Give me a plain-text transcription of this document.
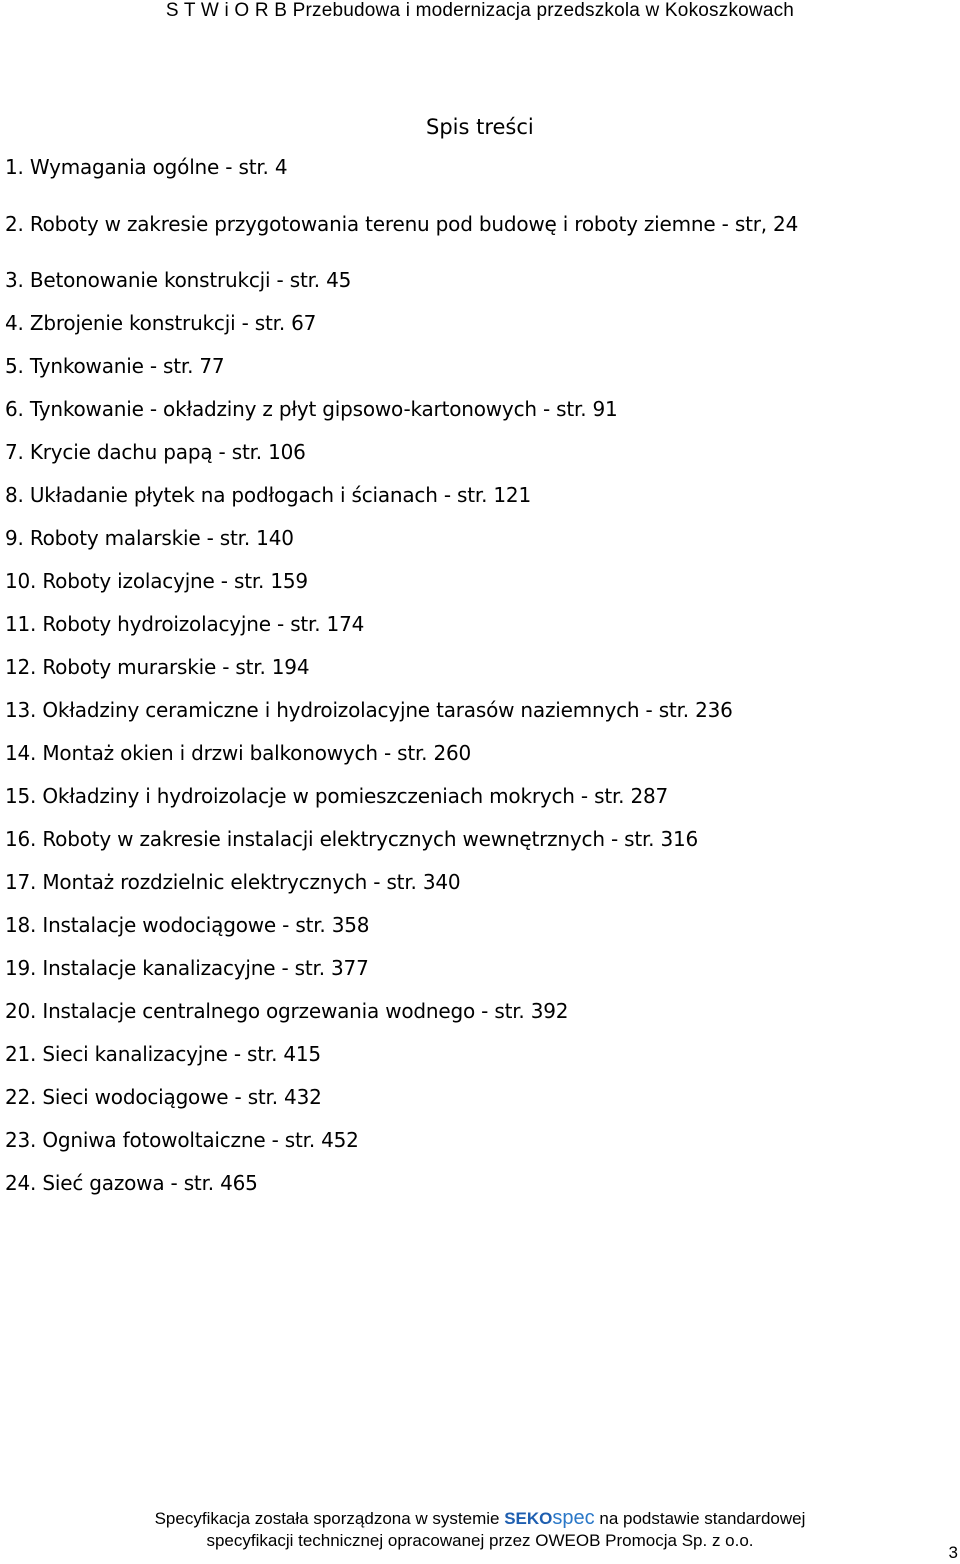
S T W i O R B Przebudowa i modernizacja przedszkola w Kokoszkowach
Spis treści
1. Wymagania ogólne - str. 4
2. Roboty w zakresie przygotowania terenu pod budowę i roboty ziemne - str, 24
3. Betonowanie konstrukcji - str. 45
4. Zbrojenie konstrukcji - str. 67
5. Tynkowanie - str. 77
6. Tynkowanie - okładziny z płyt gipsowo-kartonowych - str. 91
7. Krycie dachu papą - str. 106
8. Układanie płytek na podłogach i ścianach - str. 121
9. Roboty malarskie - str. 140
10. Roboty izolacyjne - str. 159
11. Roboty hydroizolacyjne - str. 174
12. Roboty murarskie - str. 194
13. Okładziny ceramiczne i hydroizolacyjne tarasów naziemnych - str. 236
14. Montaż okien i drzwi balkonowych - str. 260
15. Okładziny i hydroizolacje w pomieszczeniach mokrych - str. 287
16. Roboty w zakresie instalacji elektrycznych wewnętrznych - str. 316
17. Montaż rozdzielnic elektrycznych - str. 340
18. Instalacje wodociągowe - str. 358
19. Instalacje kanalizacyjne - str. 377
20. Instalacje centralnego ogrzewania wodnego - str. 392
21. Sieci kanalizacyjne - str. 415
22. Sieci wodociągowe - str. 432
23. Ogniwa fotowoltaiczne - str. 452
24. Sieć gazowa - str. 465
Specyfikacja została sporządzona w systemie SEKOspec na podstawie standardowej
specyfikacji technicznej opracowanej przez OWEOB Promocja Sp. z o.o.
3
